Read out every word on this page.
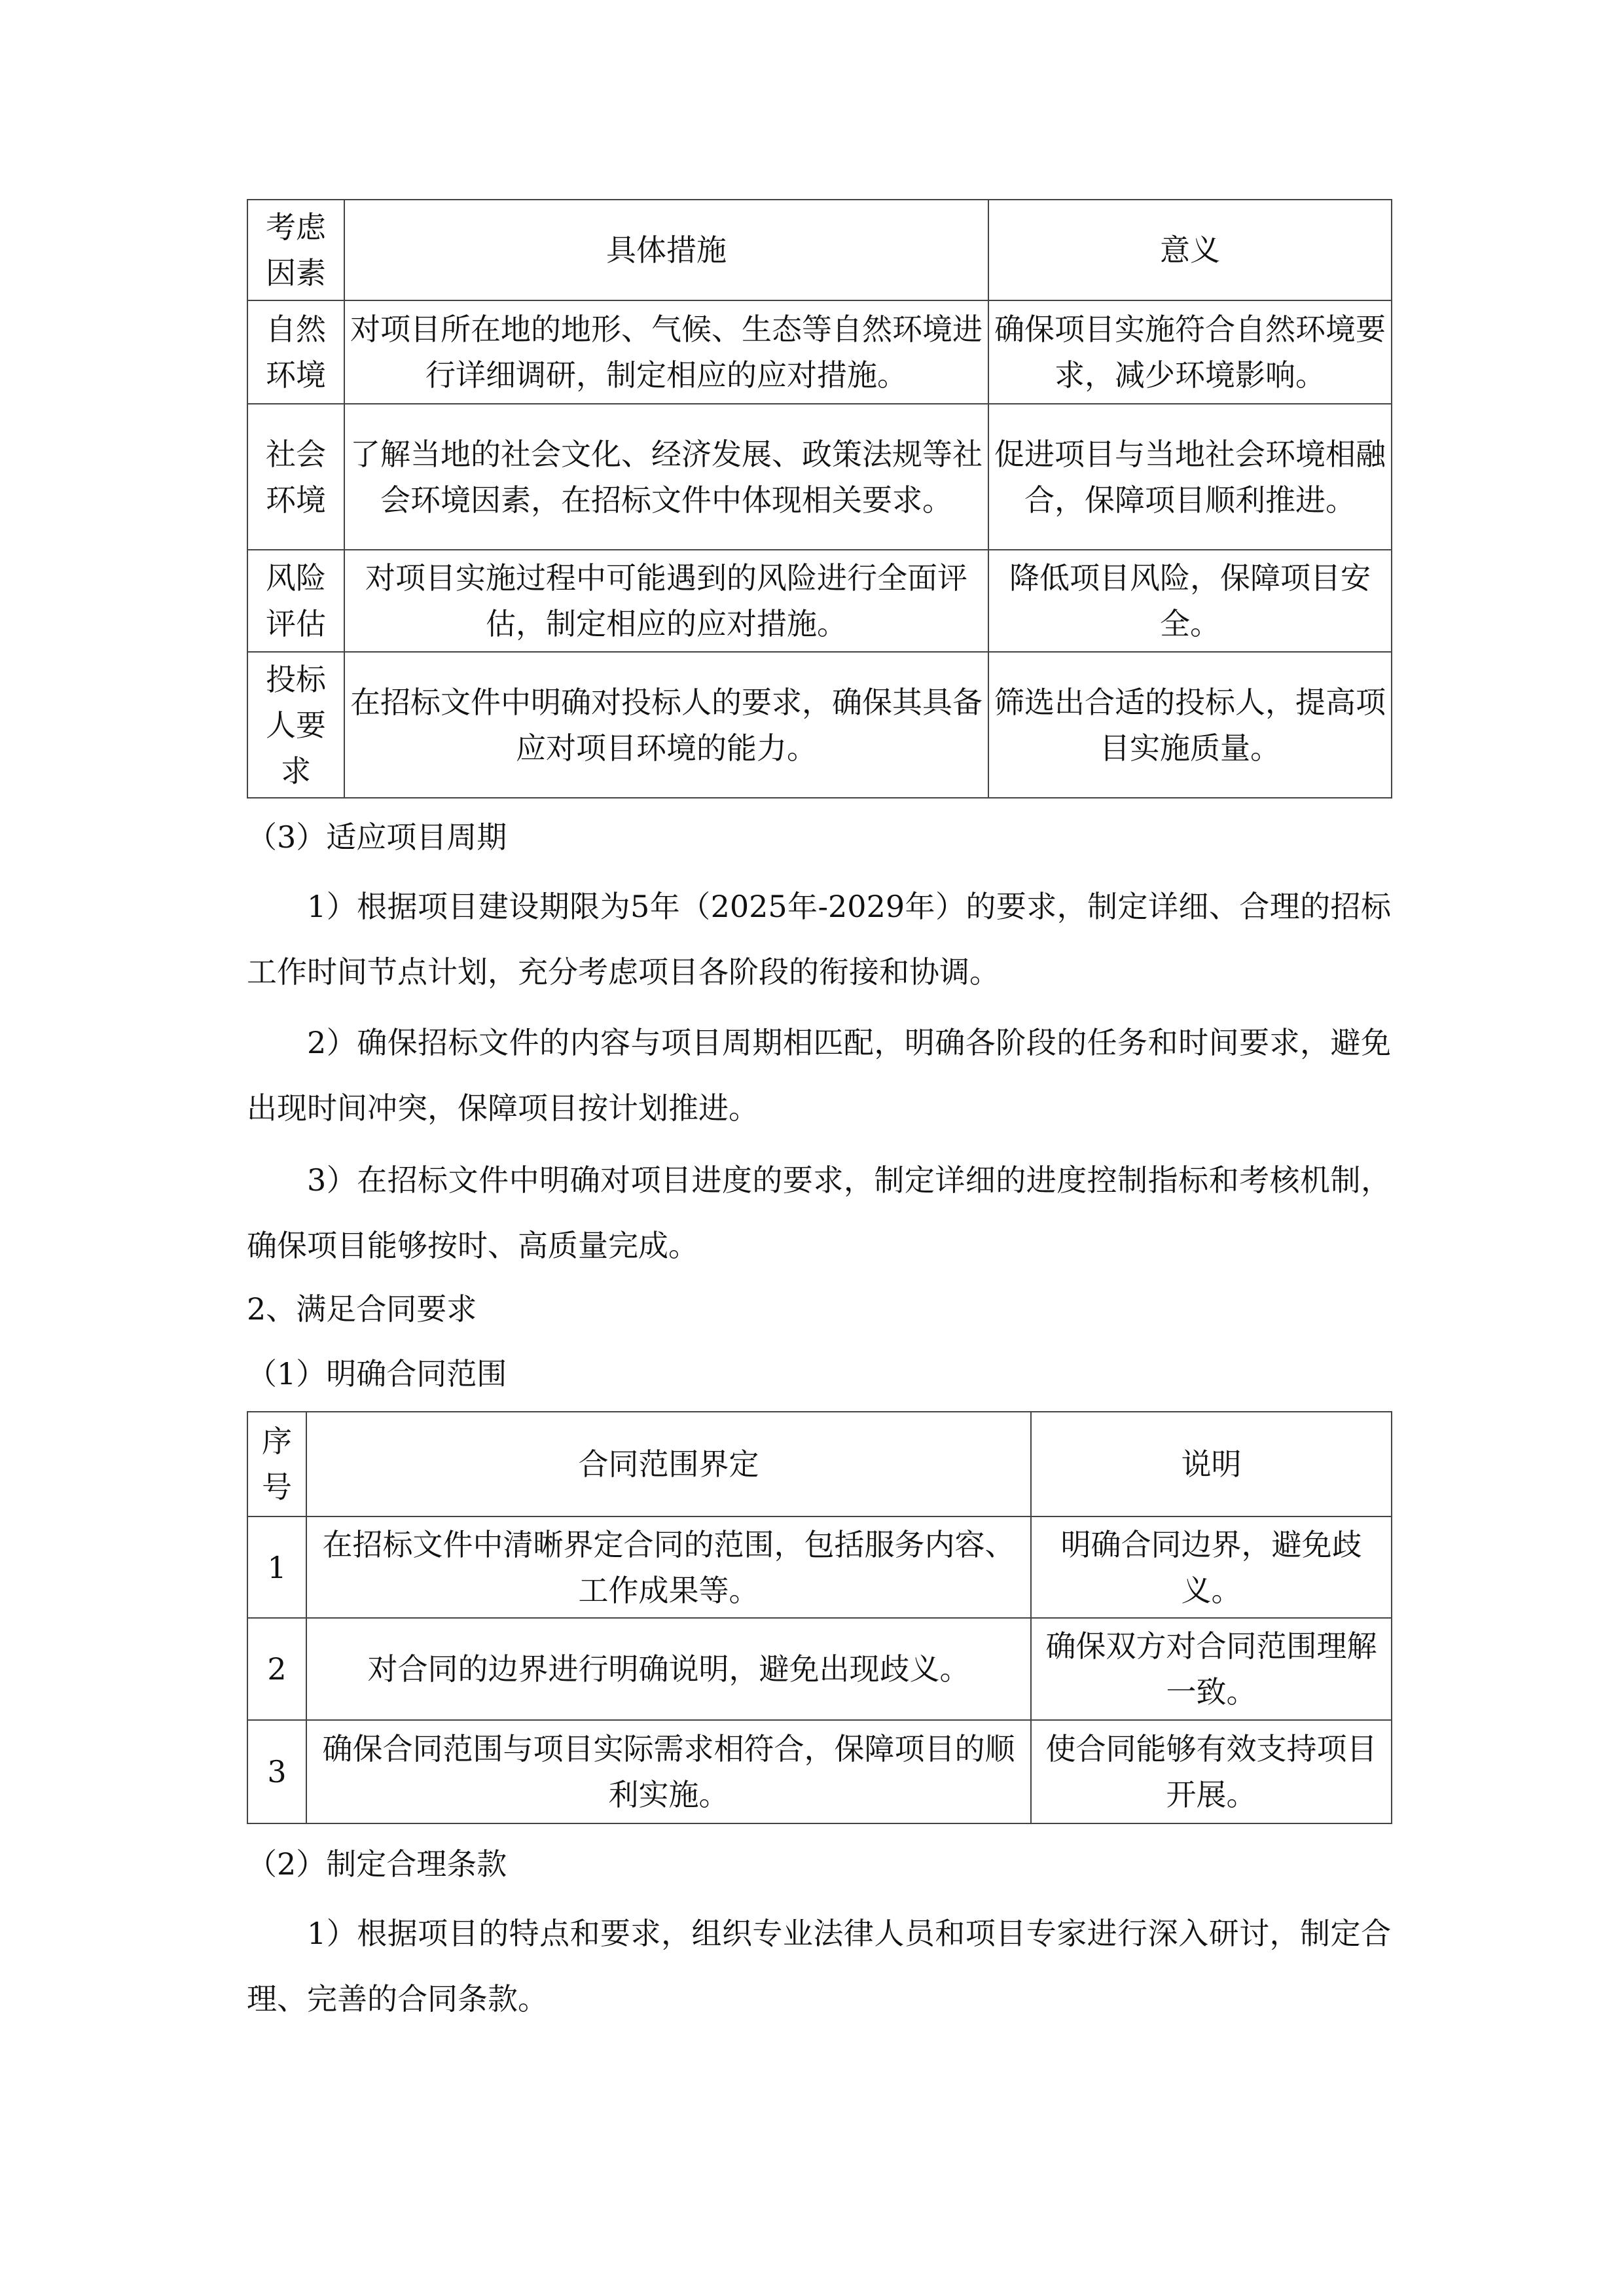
考虑因素	具体措施	意义
自然环境	对项目所在地的地形、气候、生态等自然环境进行详细调研，制定相应的应对措施。	确保项目实施符合自然环境要求，减少环境影响。
社会环境	了解当地的社会文化、经济发展、政策法规等社会环境因素，在招标文件中体现相关要求。	促进项目与当地社会环境相融合，保障项目顺利推进。
风险评估	对项目实施过程中可能遇到的风险进行全面评估，制定相应的应对措施。	降低项目风险，保障项目安全。
投标人要求	在招标文件中明确对投标人的要求，确保其具备应对项目环境的能力。	筛选出合适的投标人，提高项目实施质量。
（3）适应项目周期
1）根据项目建设期限为5年（2025年-2029年）的要求，制定详细、合理的招标工作时间节点计划，充分考虑项目各阶段的衔接和协调。
2）确保招标文件的内容与项目周期相匹配，明确各阶段的任务和时间要求，避免出现时间冲突，保障项目按计划推进。
3）在招标文件中明确对项目进度的要求，制定详细的进度控制指标和考核机制，确保项目能够按时、高质量完成。
2、满足合同要求
（1）明确合同范围
序号	合同范围界定	说明
1	在招标文件中清晰界定合同的范围，包括服务内容、工作成果等。	明确合同边界，避免歧义。
2	对合同的边界进行明确说明，避免出现歧义。	确保双方对合同范围理解一致。
3	确保合同范围与项目实际需求相符合，保障项目的顺利实施。	使合同能够有效支持项目开展。
（2）制定合理条款
1）根据项目的特点和要求，组织专业法律人员和项目专家进行深入研讨，制定合理、完善的合同条款。
